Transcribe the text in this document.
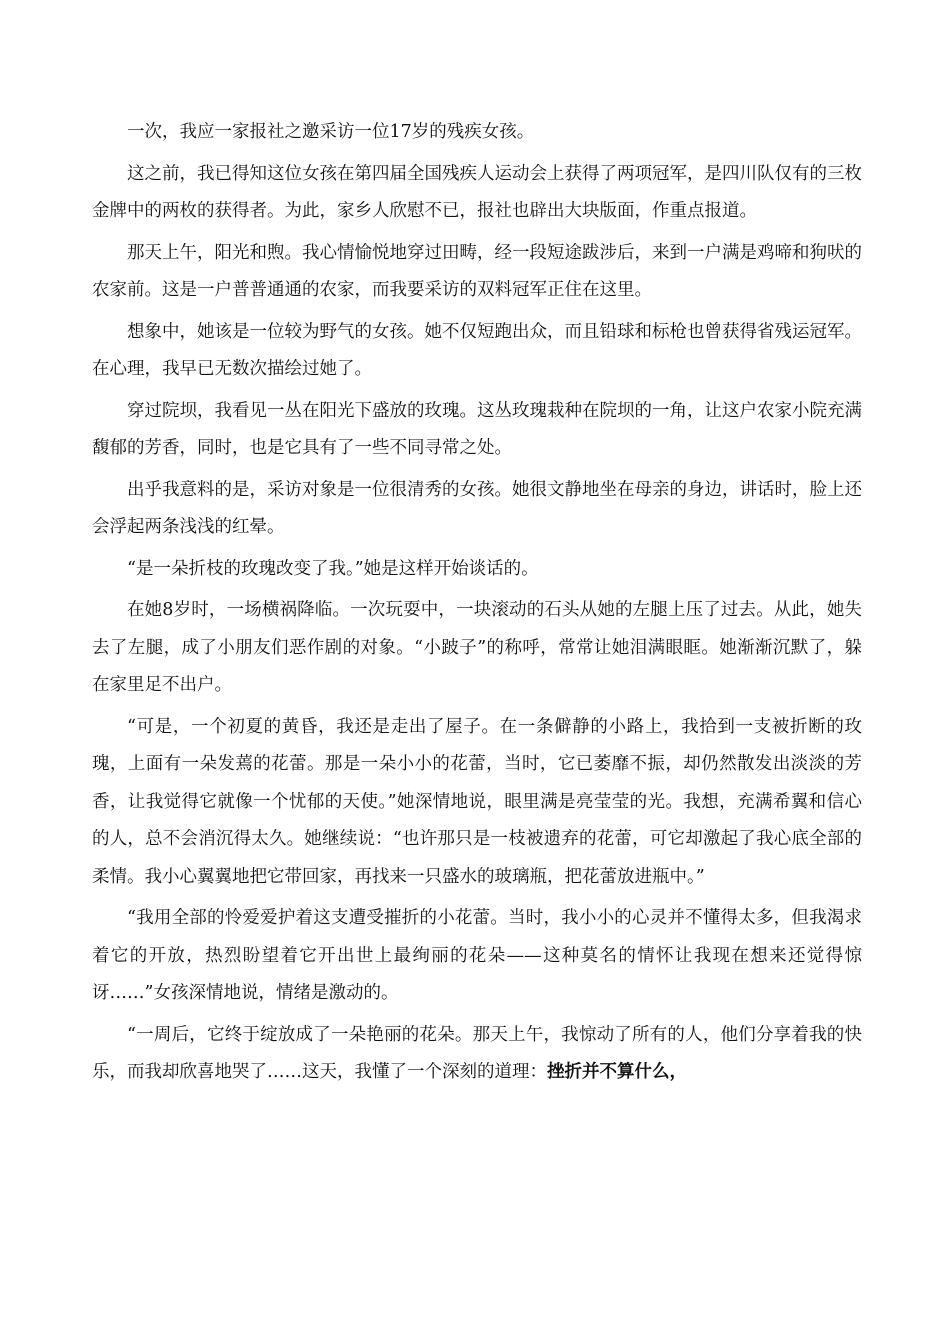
一次，我应一家报社之邀采访一位17岁的残疾女孩。

这之前，我已得知这位女孩在第四届全国残疾人运动会上获得了两项冠军，是四川队仅有的三枚金牌中的两枚的获得者。为此，家乡人欣慰不已，报社也辟出大块版面，作重点报道。

那天上午，阳光和煦。我心情愉悦地穿过田畴，经一段短途跋涉后，来到一户满是鸡啼和狗吠的农家前。这是一户普普通通的农家，而我要采访的双料冠军正住在这里。

想象中，她该是一位较为野气的女孩。她不仅短跑出众，而且铅球和标枪也曾获得省残运冠军。在心理，我早已无数次描绘过她了。

穿过院坝，我看见一丛在阳光下盛放的玫瑰。这丛玫瑰栽种在院坝的一角，让这户农家小院充满馥郁的芳香，同时，也是它具有了一些不同寻常之处。

出乎我意料的是，采访对象是一位很清秀的女孩。她很文静地坐在母亲的身边，讲话时，脸上还会浮起两条浅浅的红晕。

“是一朵折枝的玫瑰改变了我。”她是这样开始谈话的。

在她8岁时，一场横祸降临。一次玩耍中，一块滚动的石头从她的左腿上压了过去。从此，她失去了左腿，成了小朋友们恶作剧的对象。“小跛子”的称呼，常常让她泪满眼眶。她渐渐沉默了，躲在家里足不出户。

“可是，一个初夏的黄昏，我还是走出了屋子。在一条僻静的小路上，我拾到一支被折断的玫瑰，上面有一朵发蔫的花蕾。那是一朵小小的花蕾，当时，它已萎靡不振，却仍然散发出淡淡的芳香，让我觉得它就像一个忧郁的天使。”她深情地说，眼里满是亮莹莹的光。我想，充满希翼和信心的人，总不会消沉得太久。她继续说：“也许那只是一枝被遗弃的花蕾，可它却激起了我心底全部的柔情。我小心翼翼地把它带回家，再找来一只盛水的玻璃瓶，把花蕾放进瓶中。”

“我用全部的怜爱爱护着这支遭受摧折的小花蕾。当时，我小小的心灵并不懂得太多，但我渴求着它的开放，热烈盼望着它开出世上最绚丽的花朵——这种莫名的情怀让我现在想来还觉得惊讶……”女孩深情地说，情绪是激动的。

“一周后，它终于绽放成了一朵艳丽的花朵。那天上午，我惊动了所有的人，他们分享着我的快乐，而我却欣喜地哭了……这天，我懂了一个深刻的道理：挫折并不算什么，
